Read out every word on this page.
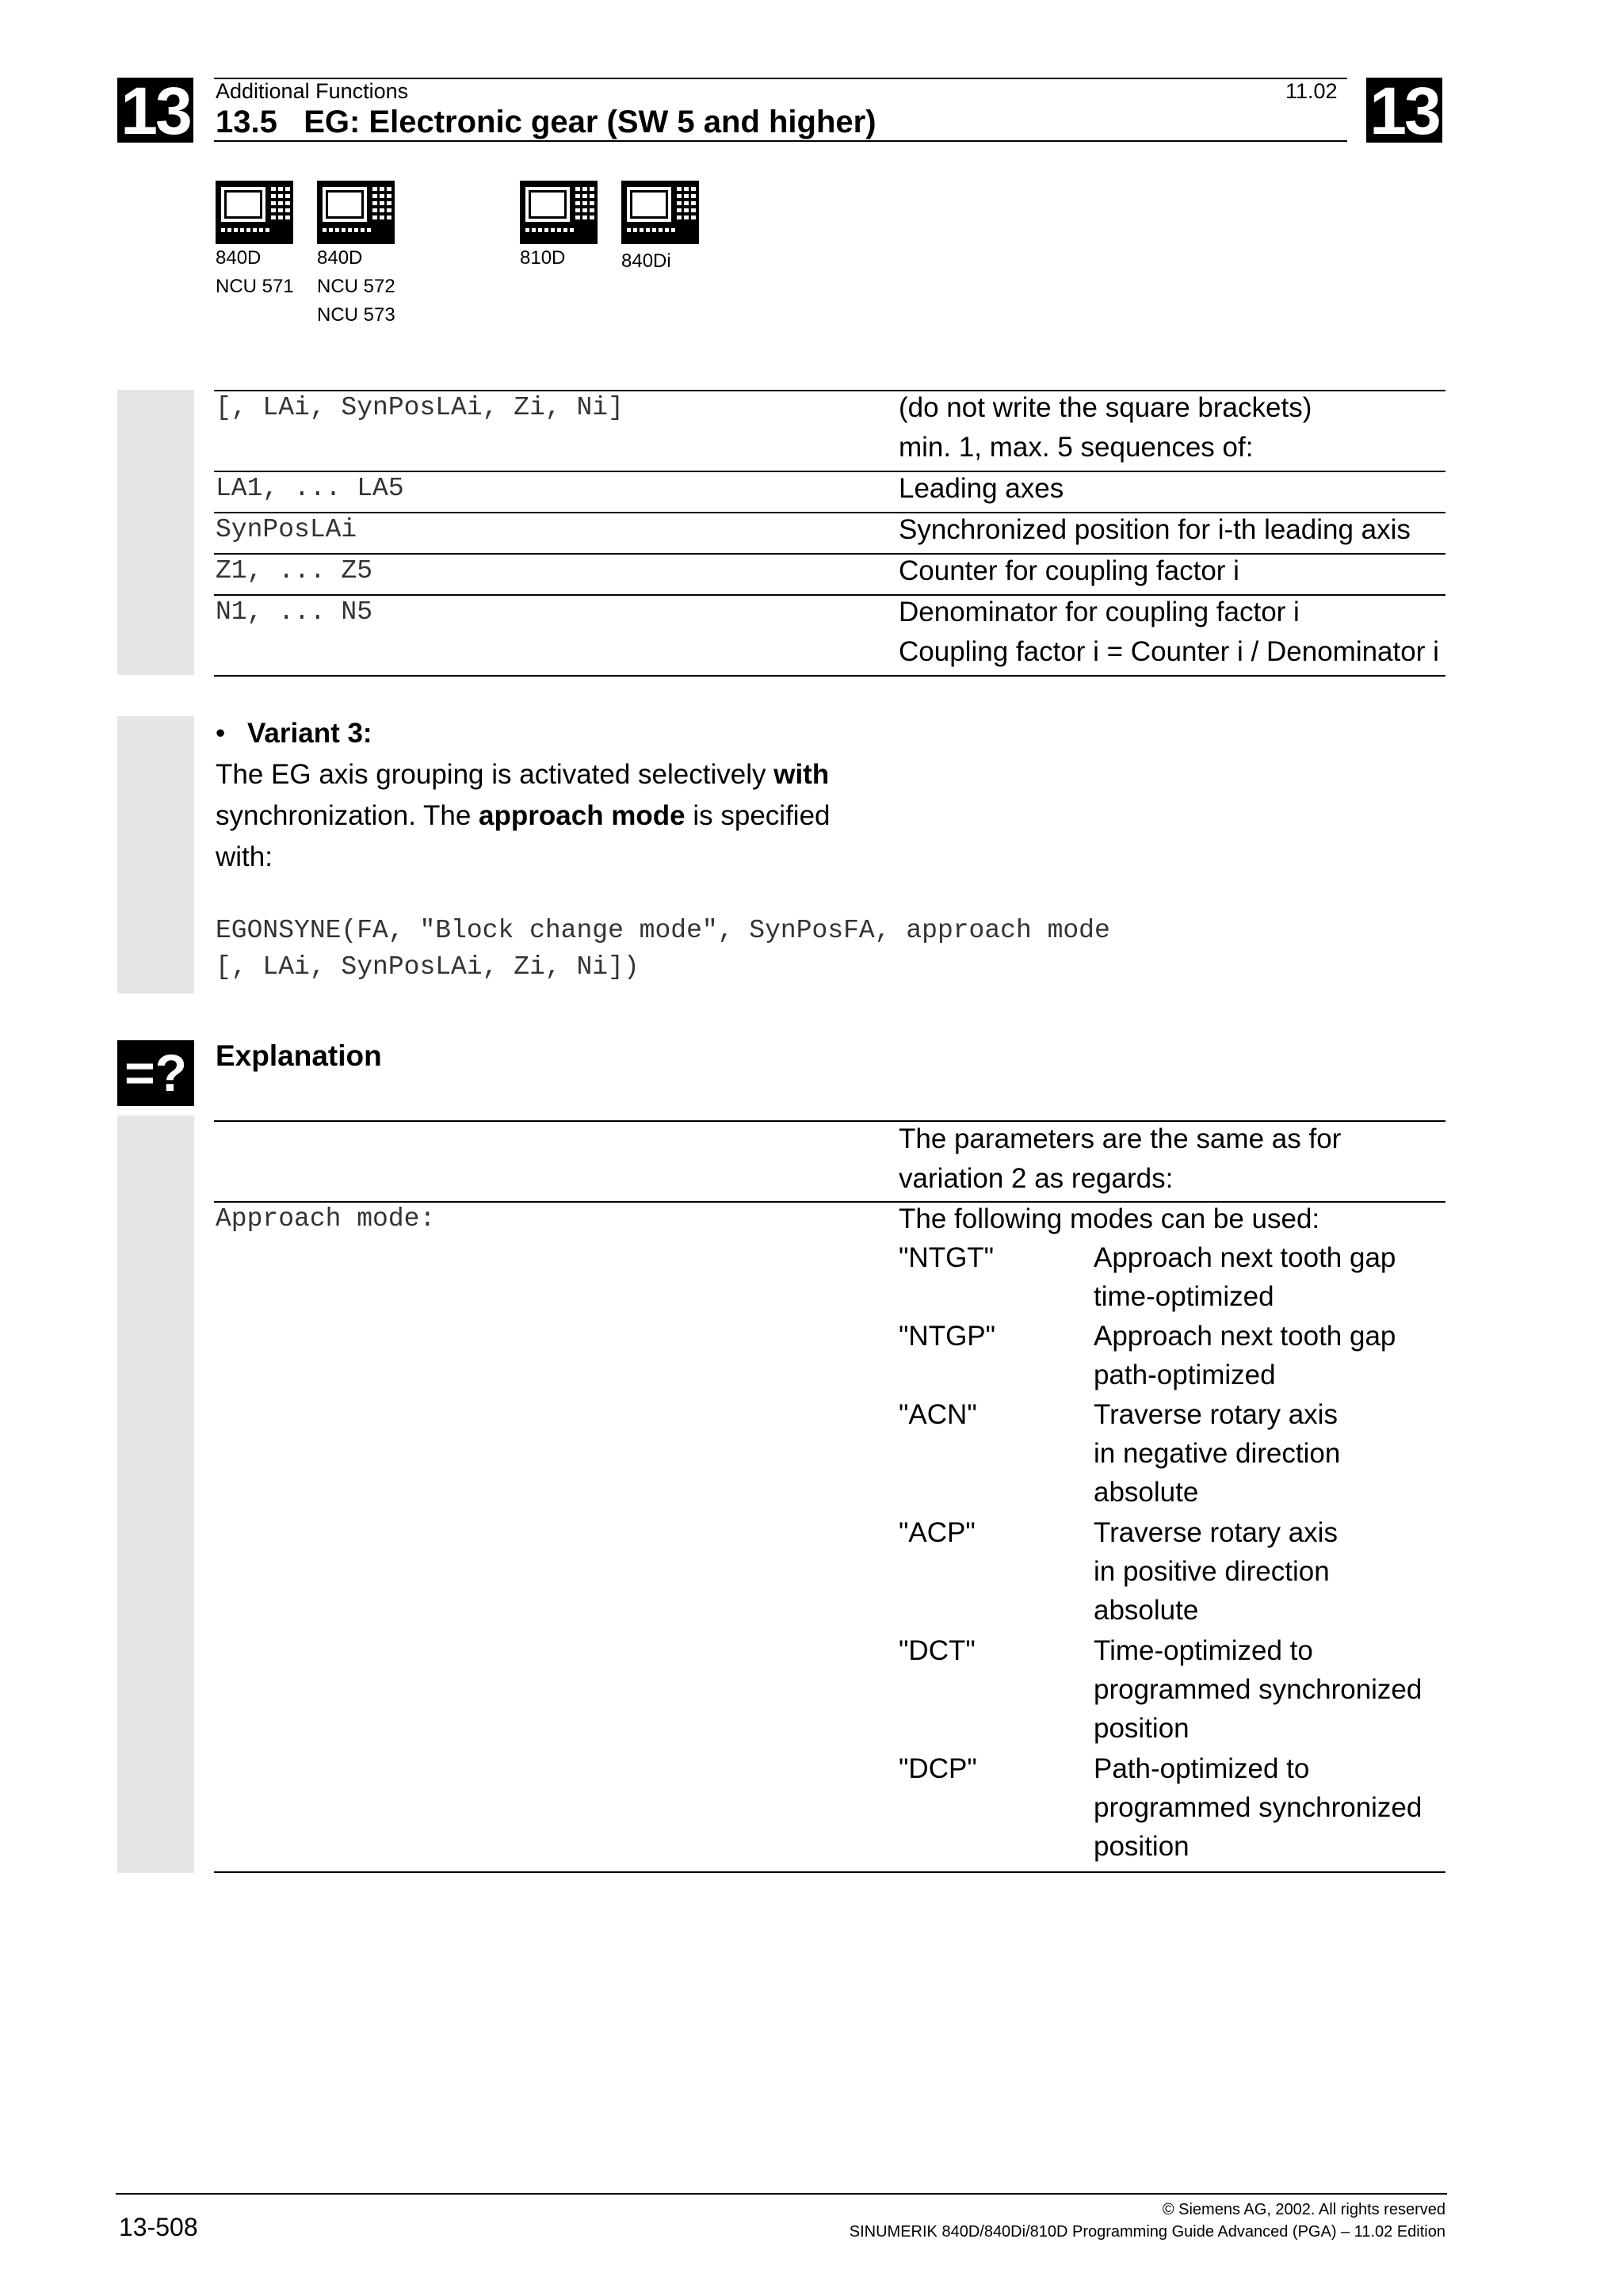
13	13
Additional Functions	11.02
13.5   EG: Electronic gear (SW 5 and higher)
840D
NCU 571
840D
NCU 572
NCU 573
810D	840Di
[, LAi, SynPosLAi, Zi, Ni]	(do not write the square brackets)
min. 1, max. 5 sequences of:
LA1, ... LA5	Leading axes
SynPosLAi	Synchronized position for i-th leading axis
Z1, ... Z5	Counter for coupling factor i
N1, ... N5	Denominator for coupling factor i
Coupling factor i = Counter i / Denominator i
• Variant 3:
The EG axis grouping is activated selectively with
synchronization. The approach mode is specified
with:
EGONSYNE(FA, "Block change mode", SynPosFA, approach mode
[, LAi, SynPosLAi, Zi, Ni])
=? Explanation
The parameters are the same as for
variation 2 as regards:
Approach mode:	The following modes can be used:
"NTGT"	Approach next tooth gap
time-optimized
"NTGP"	Approach next tooth gap
path-optimized
"ACN"	Traverse rotary axis
in negative direction
absolute
"ACP"	Traverse rotary axis
in positive direction
absolute
"DCT"	Time-optimized to
programmed synchronized
position
"DCP"	Path-optimized to
programmed synchronized
position
13-508
© Siemens AG, 2002. All rights reserved
SINUMERIK 840D/840Di/810D Programming Guide Advanced (PGA) – 11.02 Edition
